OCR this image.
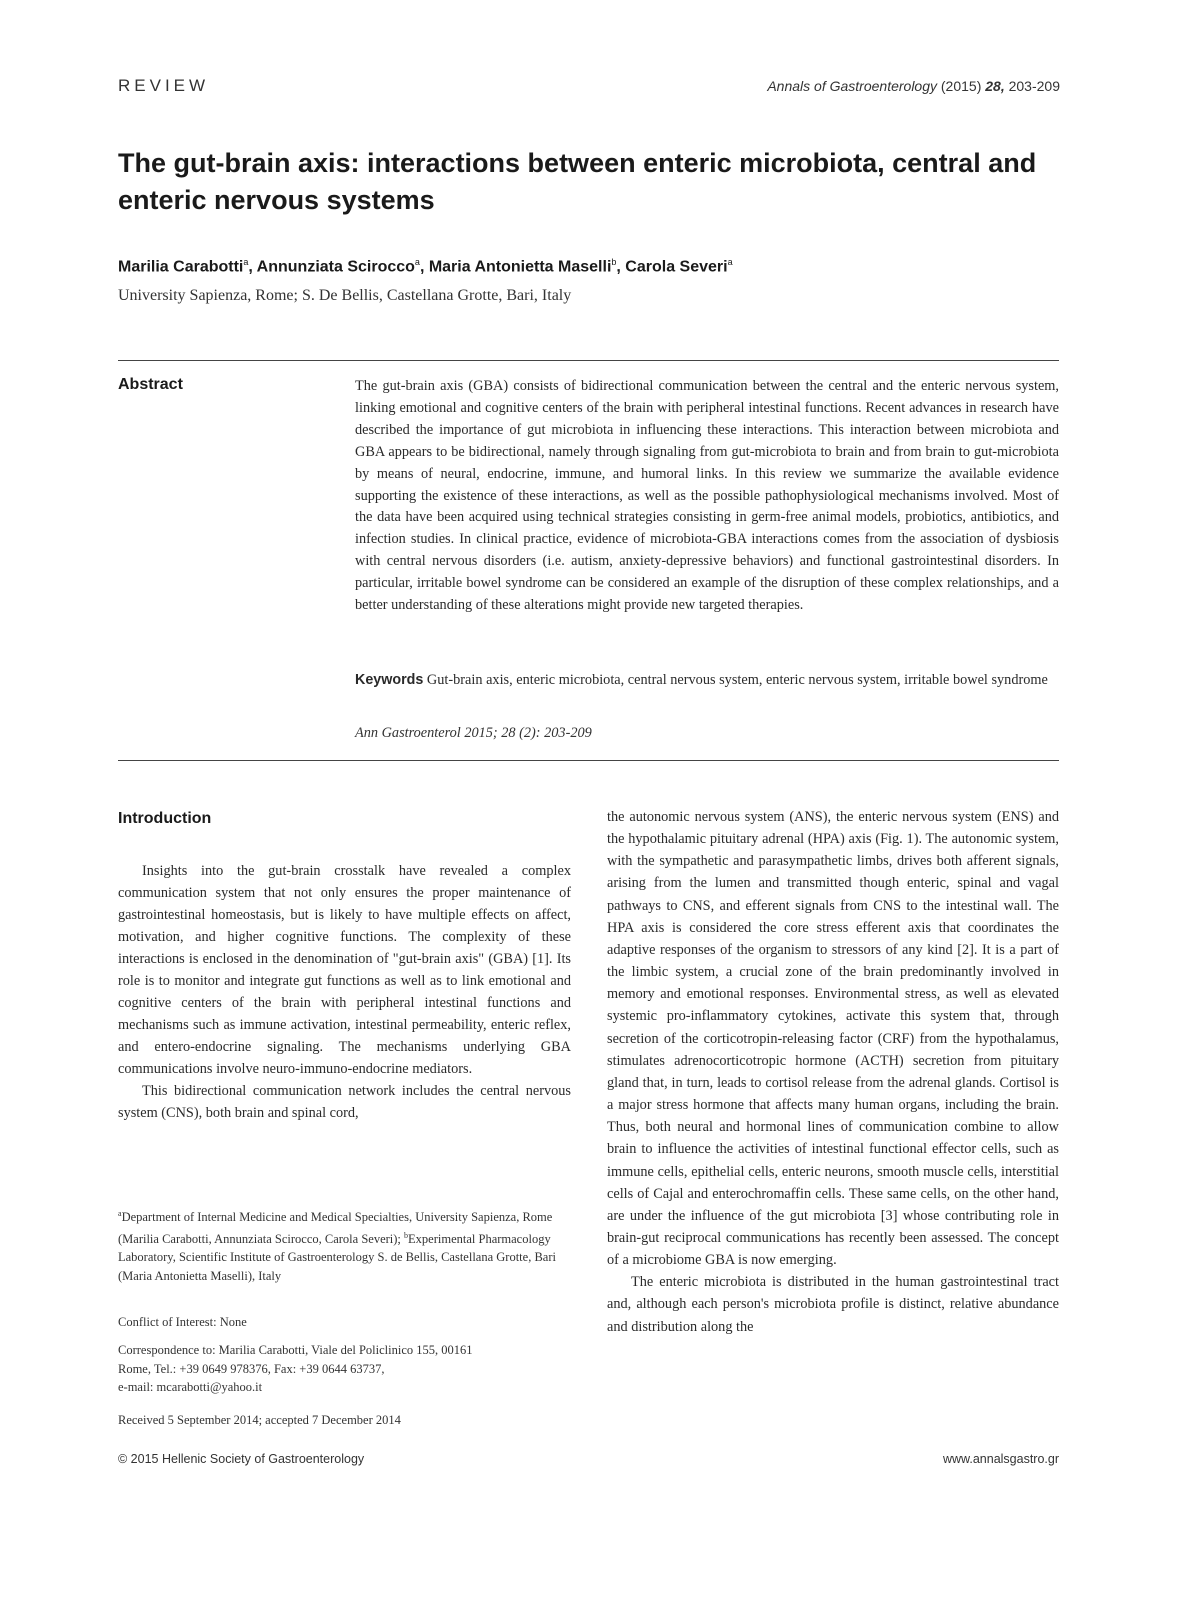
REVIEW	Annals of Gastroenterology (2015) 28, 203-209
The gut-brain axis: interactions between enteric microbiota, central and enteric nervous systems
Marilia Carabotti$^a$, Annunziata Scirocco$^a$, Maria Antonietta Maselli$^b$, Carola Severi$^a$
University Sapienza, Rome; S. De Bellis, Castellana Grotte, Bari, Italy
Abstract	The gut-brain axis (GBA) consists of bidirectional communication between the central and the enteric nervous system, linking emotional and cognitive centers of the brain with peripheral intestinal functions. Recent advances in research have described the importance of gut microbiota in influencing these interactions. This interaction between microbiota and GBA appears to be bidirectional, namely through signaling from gut-microbiota to brain and from brain to gut-microbiota by means of neural, endocrine, immune, and humoral links. In this review we summarize the available evidence supporting the existence of these interactions, as well as the possible pathophysiological mechanisms involved. Most of the data have been acquired using technical strategies consisting in germ-free animal models, probiotics, antibiotics, and infection studies. In clinical practice, evidence of microbiota-GBA interactions comes from the association of dysbiosis with central nervous disorders (i.e. autism, anxiety-depressive behaviors) and functional gastrointestinal disorders. In particular, irritable bowel syndrome can be considered an example of the disruption of these complex relationships, and a better understanding of these alterations might provide new targeted therapies.
Keywords Gut-brain axis, enteric microbiota, central nervous system, enteric nervous system, irritable bowel syndrome
Ann Gastroenterol 2015; 28 (2): 203-209
Introduction

Insights into the gut-brain crosstalk have revealed a complex communication system that not only ensures the proper maintenance of gastrointestinal homeostasis, but is likely to have multiple effects on affect, motivation, and higher cognitive functions. The complexity of these interactions is enclosed in the denomination of "gut-brain axis" (GBA) [1]. Its role is to monitor and integrate gut functions as well as to link emotional and cognitive centers of the brain with peripheral intestinal functions and mechanisms such as immune activation, intestinal permeability, enteric reflex, and entero-endocrine signaling. The mechanisms underlying GBA communications involve neuro-immuno-endocrine mediators.

This bidirectional communication network includes the central nervous system (CNS), both brain and spinal cord,

the autonomic nervous system (ANS), the enteric nervous system (ENS) and the hypothalamic pituitary adrenal (HPA) axis (Fig. 1). The autonomic system, with the sympathetic and parasympathetic limbs, drives both afferent signals, arising from the lumen and transmitted though enteric, spinal and vagal pathways to CNS, and efferent signals from CNS to the intestinal wall. The HPA axis is considered the core stress efferent axis that coordinates the adaptive responses of the organism to stressors of any kind [2]. It is a part of the limbic system, a crucial zone of the brain predominantly involved in memory and emotional responses. Environmental stress, as well as elevated systemic pro-inflammatory cytokines, activate this system that, through secretion of the corticotropin-releasing factor (CRF) from the hypothalamus, stimulates adrenocorticotropic hormone (ACTH) secretion from pituitary gland that, in turn, leads to cortisol release from the adrenal glands. Cortisol is a major stress hormone that affects many human organs, including the brain. Thus, both neural and hormonal lines of communication combine to allow brain to influence the activities of intestinal functional effector cells, such as immune cells, epithelial cells, enteric neurons, smooth muscle cells, interstitial cells of Cajal and enterochromaffin cells. These same cells, on the other hand, are under the influence of the gut microbiota [3] whose contributing role in brain-gut reciprocal communications has recently been assessed. The concept of a microbiome GBA is now emerging.

The enteric microbiota is distributed in the human gastrointestinal tract and, although each person's microbiota profile is distinct, relative abundance and distribution along the

$^a$Department of Internal Medicine and Medical Specialties, University Sapienza, Rome (Marilia Carabotti, Annunziata Scirocco, Carola Severi); $^b$Experimental Pharmacology Laboratory, Scientific Institute of Gastroenterology S. de Bellis, Castellana Grotte, Bari (Maria Antonietta Maselli), Italy
Conflict of Interest: None
Correspondence to: Marilia Carabotti, Viale del Policlinico 155, 00161
Rome, Tel.: +39 0649 978376, Fax: +39 0644 63737,
e-mail: mcarabotti@yahoo.it
Received 5 September 2014; accepted 7 December 2014
© 2015 Hellenic Society of Gastroenterology	www.annalsgastro.gr
